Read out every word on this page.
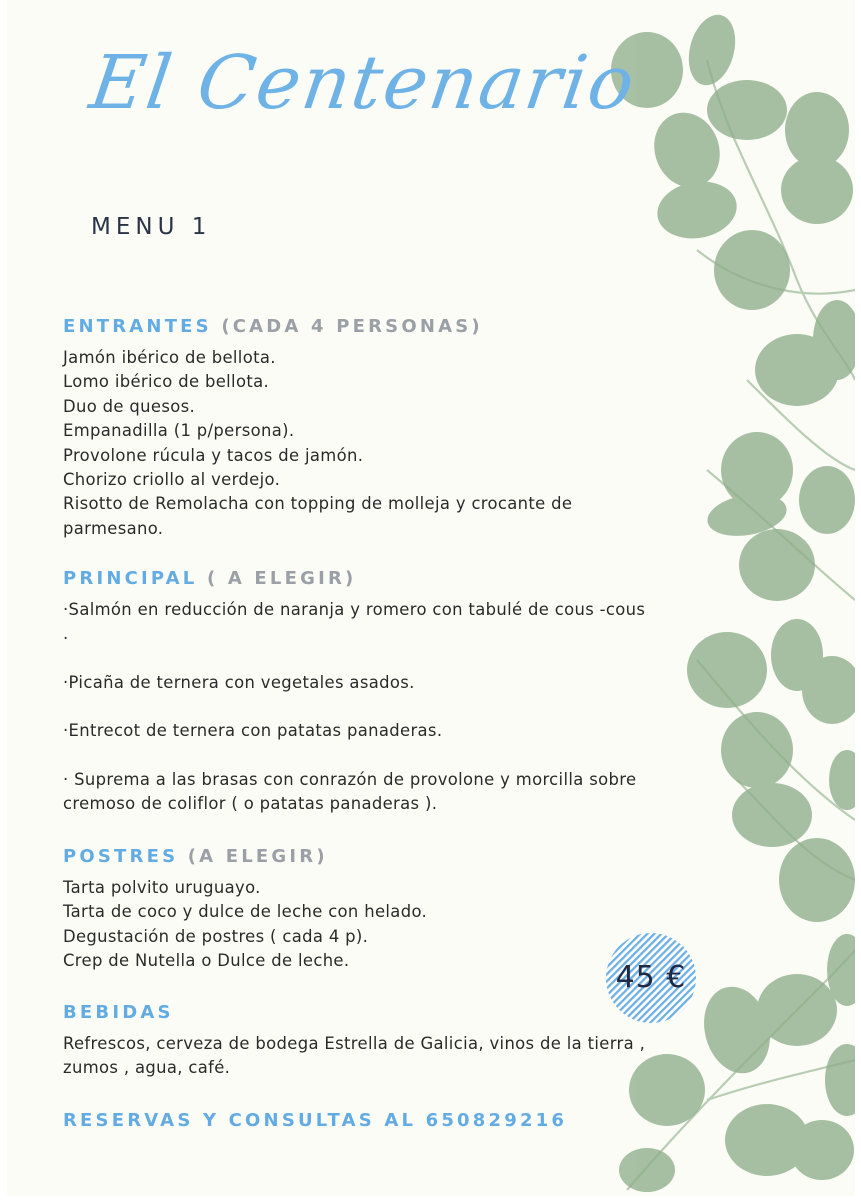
El Centenario
MENU 1
ENTRANTES (CADA 4 PERSONAS)
Jamón ibérico de bellota.
Lomo ibérico de bellota.
Duo de quesos.
Empanadilla (1 p/persona).
Provolone rúcula y tacos de jamón.
Chorizo criollo al verdejo.
Risotto de Remolacha con topping de molleja y crocante de parmesano.
PRINCIPAL ( A ELEGIR)
·Salmón en reducción de naranja y romero con tabulé de cous -cous .
·Picaña de ternera con vegetales asados.
·Entrecot de ternera con patatas panaderas.
· Suprema a las brasas con conrazón de provolone y morcilla sobre cremoso de coliflor ( o patatas panaderas ).
POSTRES (A ELEGIR)
Tarta polvito uruguayo.
Tarta de coco y dulce de leche con helado.
Degustación de postres ( cada 4 p).
Crep de Nutella o Dulce de leche.
BEBIDAS
Refrescos, cerveza de bodega Estrella de Galicia, vinos de la tierra , zumos , agua, café.
45 €
RESERVAS Y CONSULTAS AL 650829216
